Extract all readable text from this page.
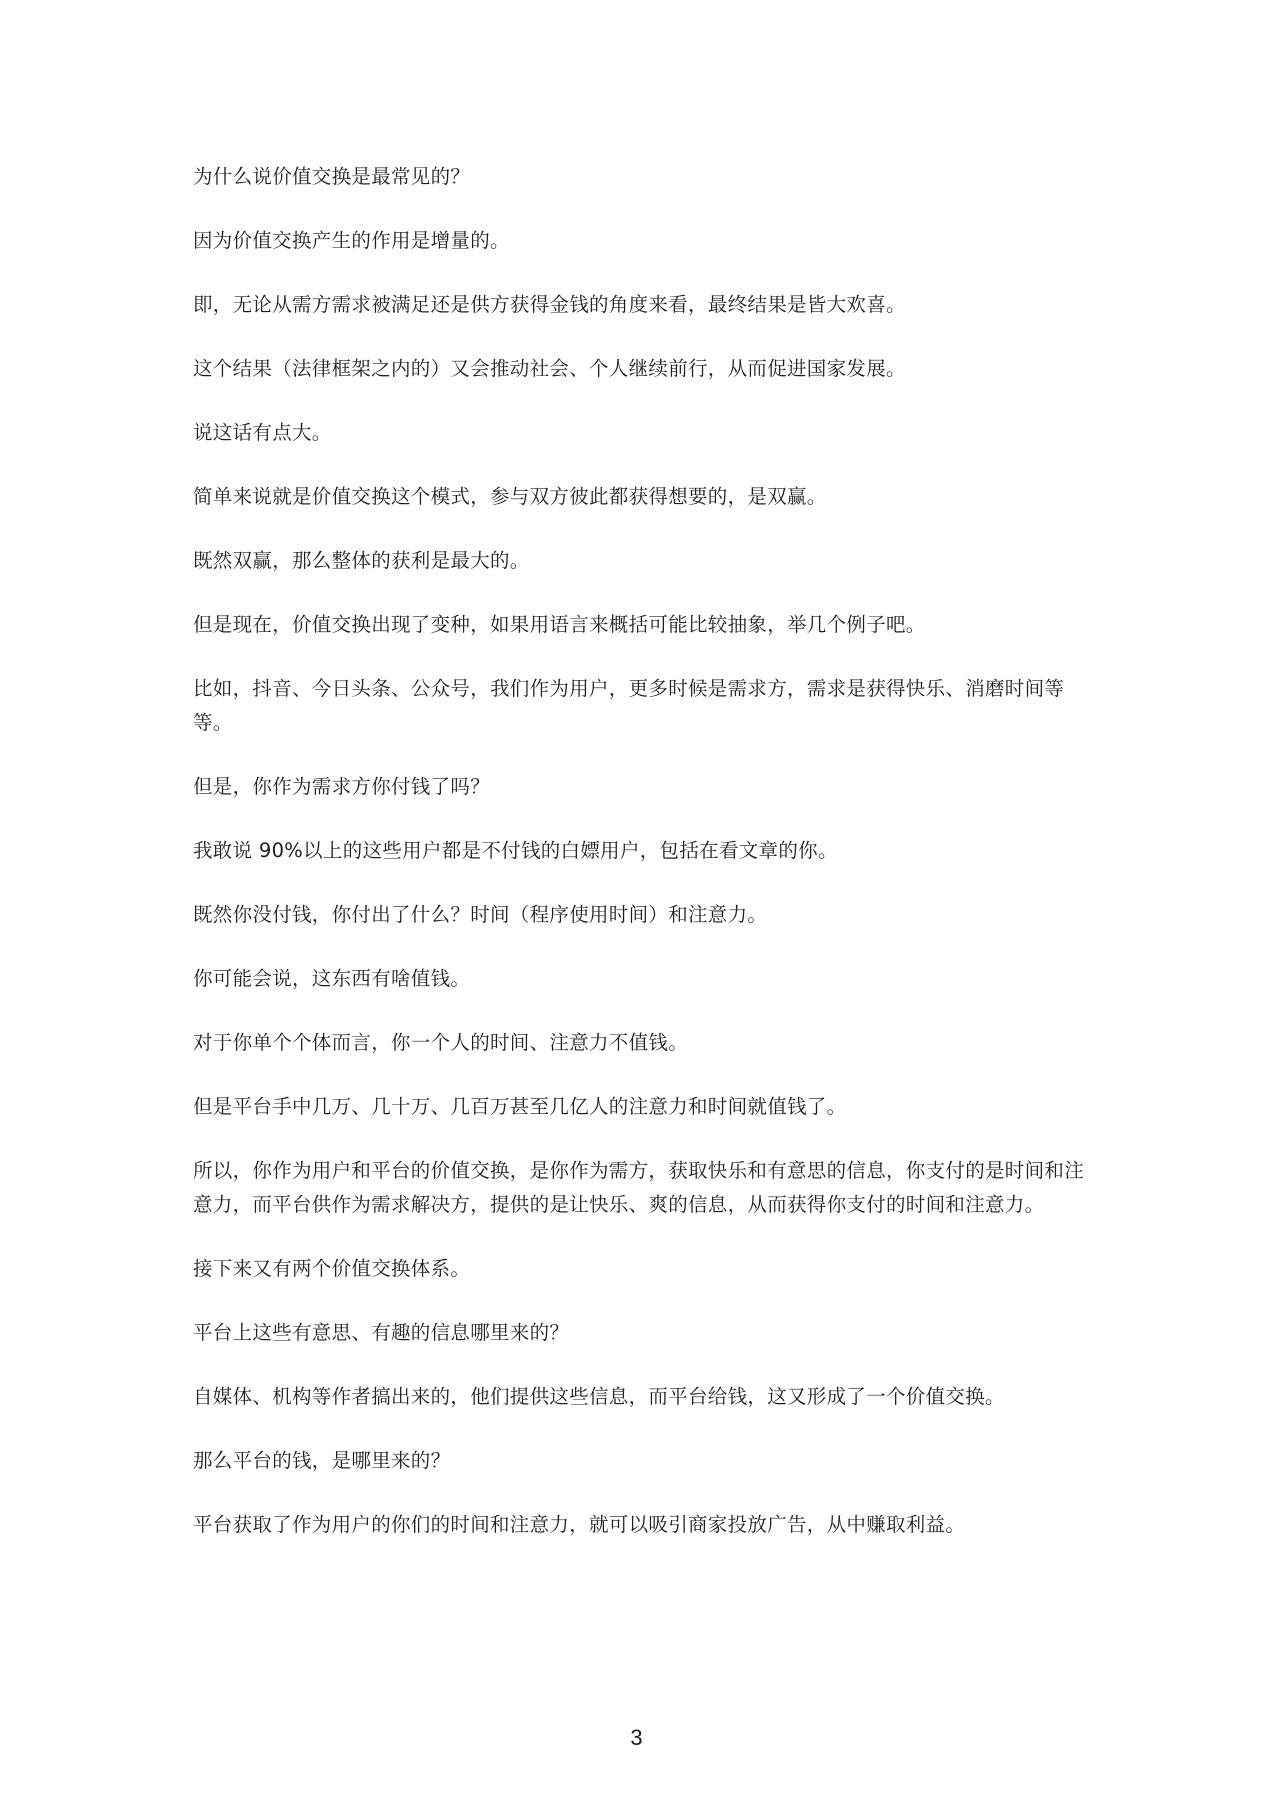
为什么说价值交换是最常见的？

因为价值交换产生的作用是增量的。

即，无论从需方需求被满足还是供方获得金钱的角度来看，最终结果是皆大欢喜。

这个结果（法律框架之内的）又会推动社会、个人继续前行，从而促进国家发展。

说这话有点大。

简单来说就是价值交换这个模式，参与双方彼此都获得想要的，是双赢。

既然双赢，那么整体的获利是最大的。

但是现在，价值交换出现了变种，如果用语言来概括可能比较抽象，举几个例子吧。

比如，抖音、今日头条、公众号，我们作为用户，更多时候是需求方，需求是获得快乐、消磨时间等等。

但是，你作为需求方你付钱了吗？

我敢说 90%以上的这些用户都是不付钱的白嫖用户，包括在看文章的你。

既然你没付钱，你付出了什么？时间（程序使用时间）和注意力。

你可能会说，这东西有啥值钱。

对于你单个个体而言，你一个人的时间、注意力不值钱。

但是平台手中几万、几十万、几百万甚至几亿人的注意力和时间就值钱了。

所以，你作为用户和平台的价值交换，是你作为需方，获取快乐和有意思的信息，你支付的是时间和注意力，而平台供作为需求解决方，提供的是让快乐、爽的信息，从而获得你支付的时间和注意力。

接下来又有两个价值交换体系。

平台上这些有意思、有趣的信息哪里来的？

自媒体、机构等作者搞出来的，他们提供这些信息，而平台给钱，这又形成了一个价值交换。

那么平台的钱，是哪里来的？

平台获取了作为用户的你们的时间和注意力，就可以吸引商家投放广告，从中赚取利益。

3
